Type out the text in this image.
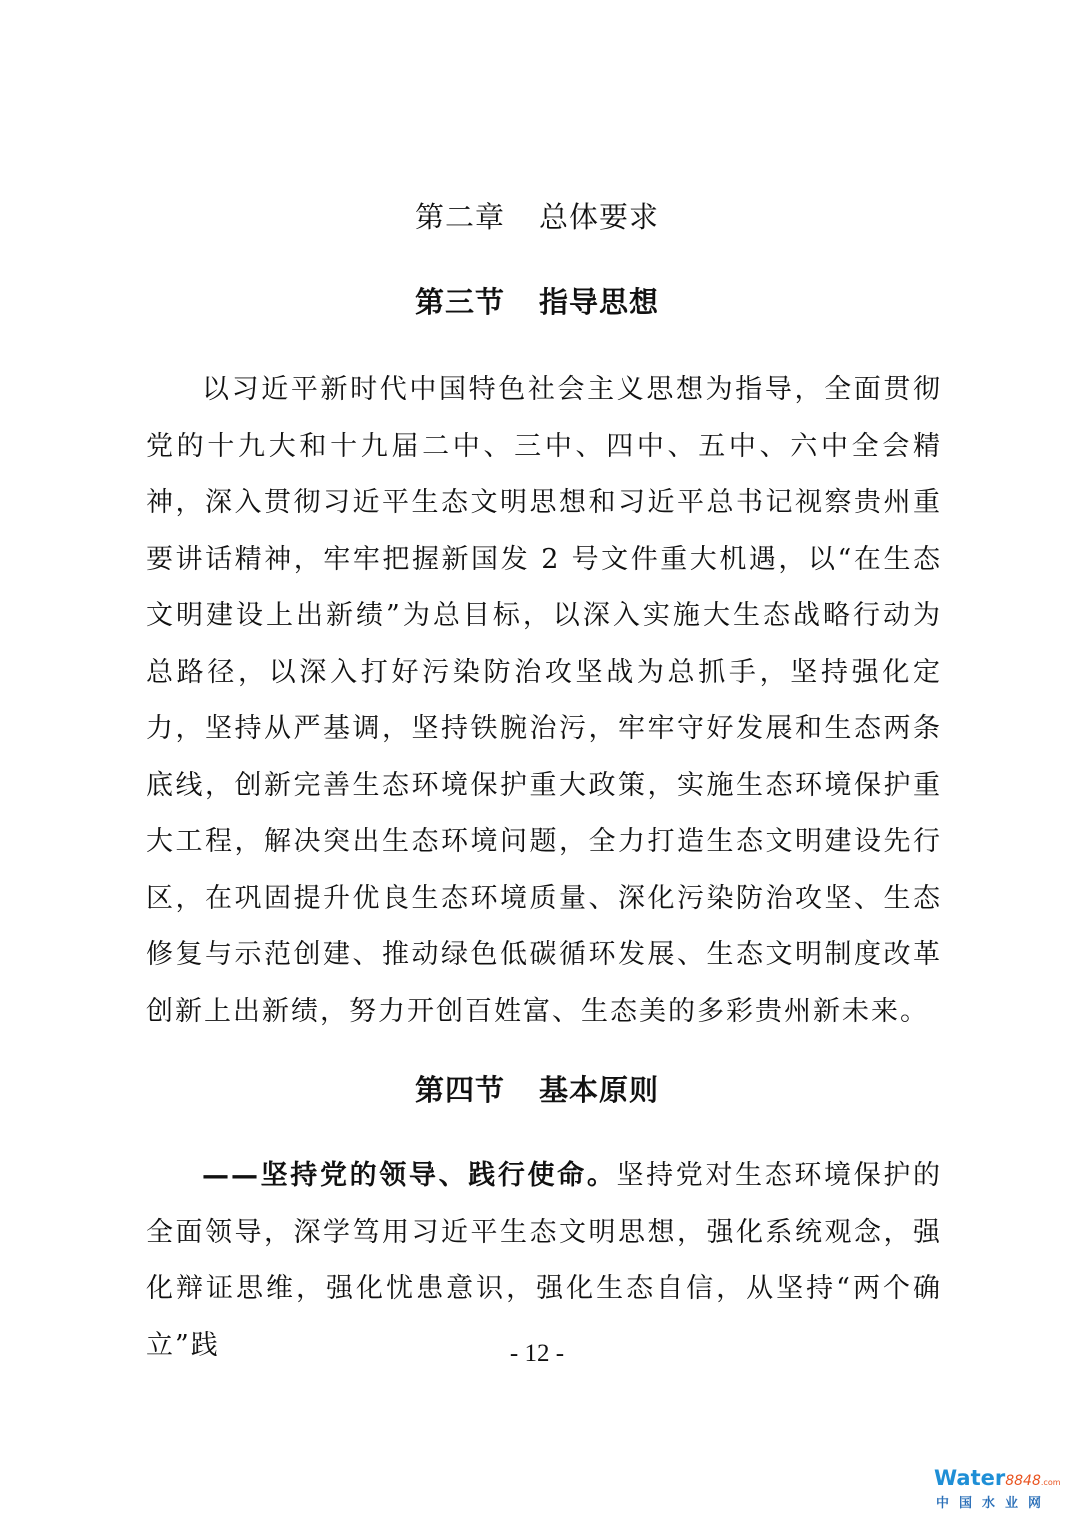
第二章 总体要求
第三节 指导思想

以习近平新时代中国特色社会主义思想为指导，全面贯彻党的十九大和十九届二中、三中、四中、五中、六中全会精神，深入贯彻习近平生态文明思想和习近平总书记视察贵州重要讲话精神，牢牢把握新国发 2 号文件重大机遇，以“在生态文明建设上出新绩”为总目标，以深入实施大生态战略行动为总路径，以深入打好污染防治攻坚战为总抓手，坚持强化定力，坚持从严基调，坚持铁腕治污，牢牢守好发展和生态两条底线，创新完善生态环境保护重大政策，实施生态环境保护重大工程，解决突出生态环境问题，全力打造生态文明建设先行区，在巩固提升优良生态环境质量、深化污染防治攻坚、生态修复与示范创建、推动绿色低碳循环发展、生态文明制度改革创新上出新绩，努力开创百姓富、生态美的多彩贵州新未来。

第四节 基本原则

——坚持党的领导、践行使命。坚持党对生态环境保护的全面领导，深学笃用习近平生态文明思想，强化系统观念，强化辩证思维，强化忧患意识，强化生态自信，从坚持“两个确立”践	- 12 -
Water8848.com
中国水业网
